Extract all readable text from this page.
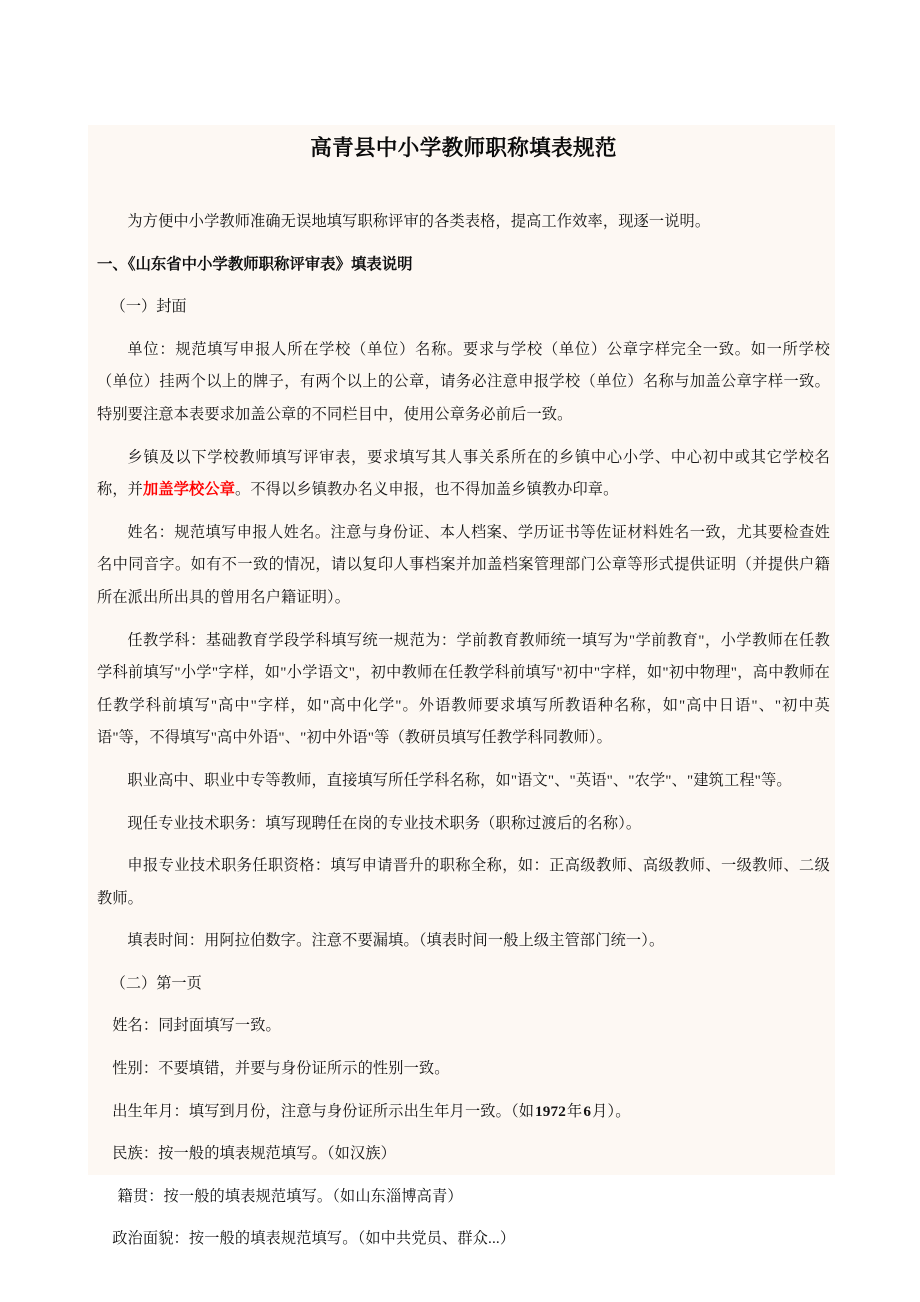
高青县中小学教师职称填表规范

为方便中小学教师准确无误地填写职称评审的各类表格，提高工作效率，现逐一说明。

一、《山东省中小学教师职称评审表》填表说明

（一）封面

单位：规范填写申报人所在学校（单位）名称。要求与学校（单位）公章字样完全一致。如一所学校（单位）挂两个以上的牌子，有两个以上的公章，请务必注意申报学校（单位）名称与加盖公章字样一致。特别要注意本表要求加盖公章的不同栏目中，使用公章务必前后一致。

乡镇及以下学校教师填写评审表，要求填写其人事关系所在的乡镇中心小学、中心初中或其它学校名称，并加盖学校公章。不得以乡镇教办名义申报，也不得加盖乡镇教办印章。

姓名：规范填写申报人姓名。注意与身份证、本人档案、学历证书等佐证材料姓名一致，尤其要检查姓名中同音字。如有不一致的情况，请以复印人事档案并加盖档案管理部门公章等形式提供证明（并提供户籍所在派出所出具的曾用名户籍证明）。

任教学科：基础教育学段学科填写统一规范为：学前教育教师统一填写为"学前教育"，小学教师在任教学科前填写"小学"字样，如"小学语文"，初中教师在任教学科前填写"初中"字样，如"初中物理"，高中教师在任教学科前填写"高中"字样，如"高中化学"。外语教师要求填写所教语种名称，如"高中日语"、"初中英语"等，不得填写"高中外语"、"初中外语"等（教研员填写任教学科同教师）。

职业高中、职业中专等教师，直接填写所任学科名称，如"语文"、"英语"、"农学"、"建筑工程"等。

现任专业技术职务：填写现聘任在岗的专业技术职务（职称过渡后的名称）。

申报专业技术职务任职资格：填写申请晋升的职称全称，如：正高级教师、高级教师、一级教师、二级教师。

填表时间：用阿拉伯数字。注意不要漏填。（填表时间一般上级主管部门统一）。

（二）第一页

姓名：同封面填写一致。

性别：不要填错，并要与身份证所示的性别一致。

出生年月：填写到月份，注意与身份证所示出生年月一致。（如1972年6月）。

民族：按一般的填表规范填写。（如汉族）

籍贯：按一般的填表规范填写。（如山东淄博高青）

政治面貌：按一般的填表规范填写。（如中共党员、群众...）
